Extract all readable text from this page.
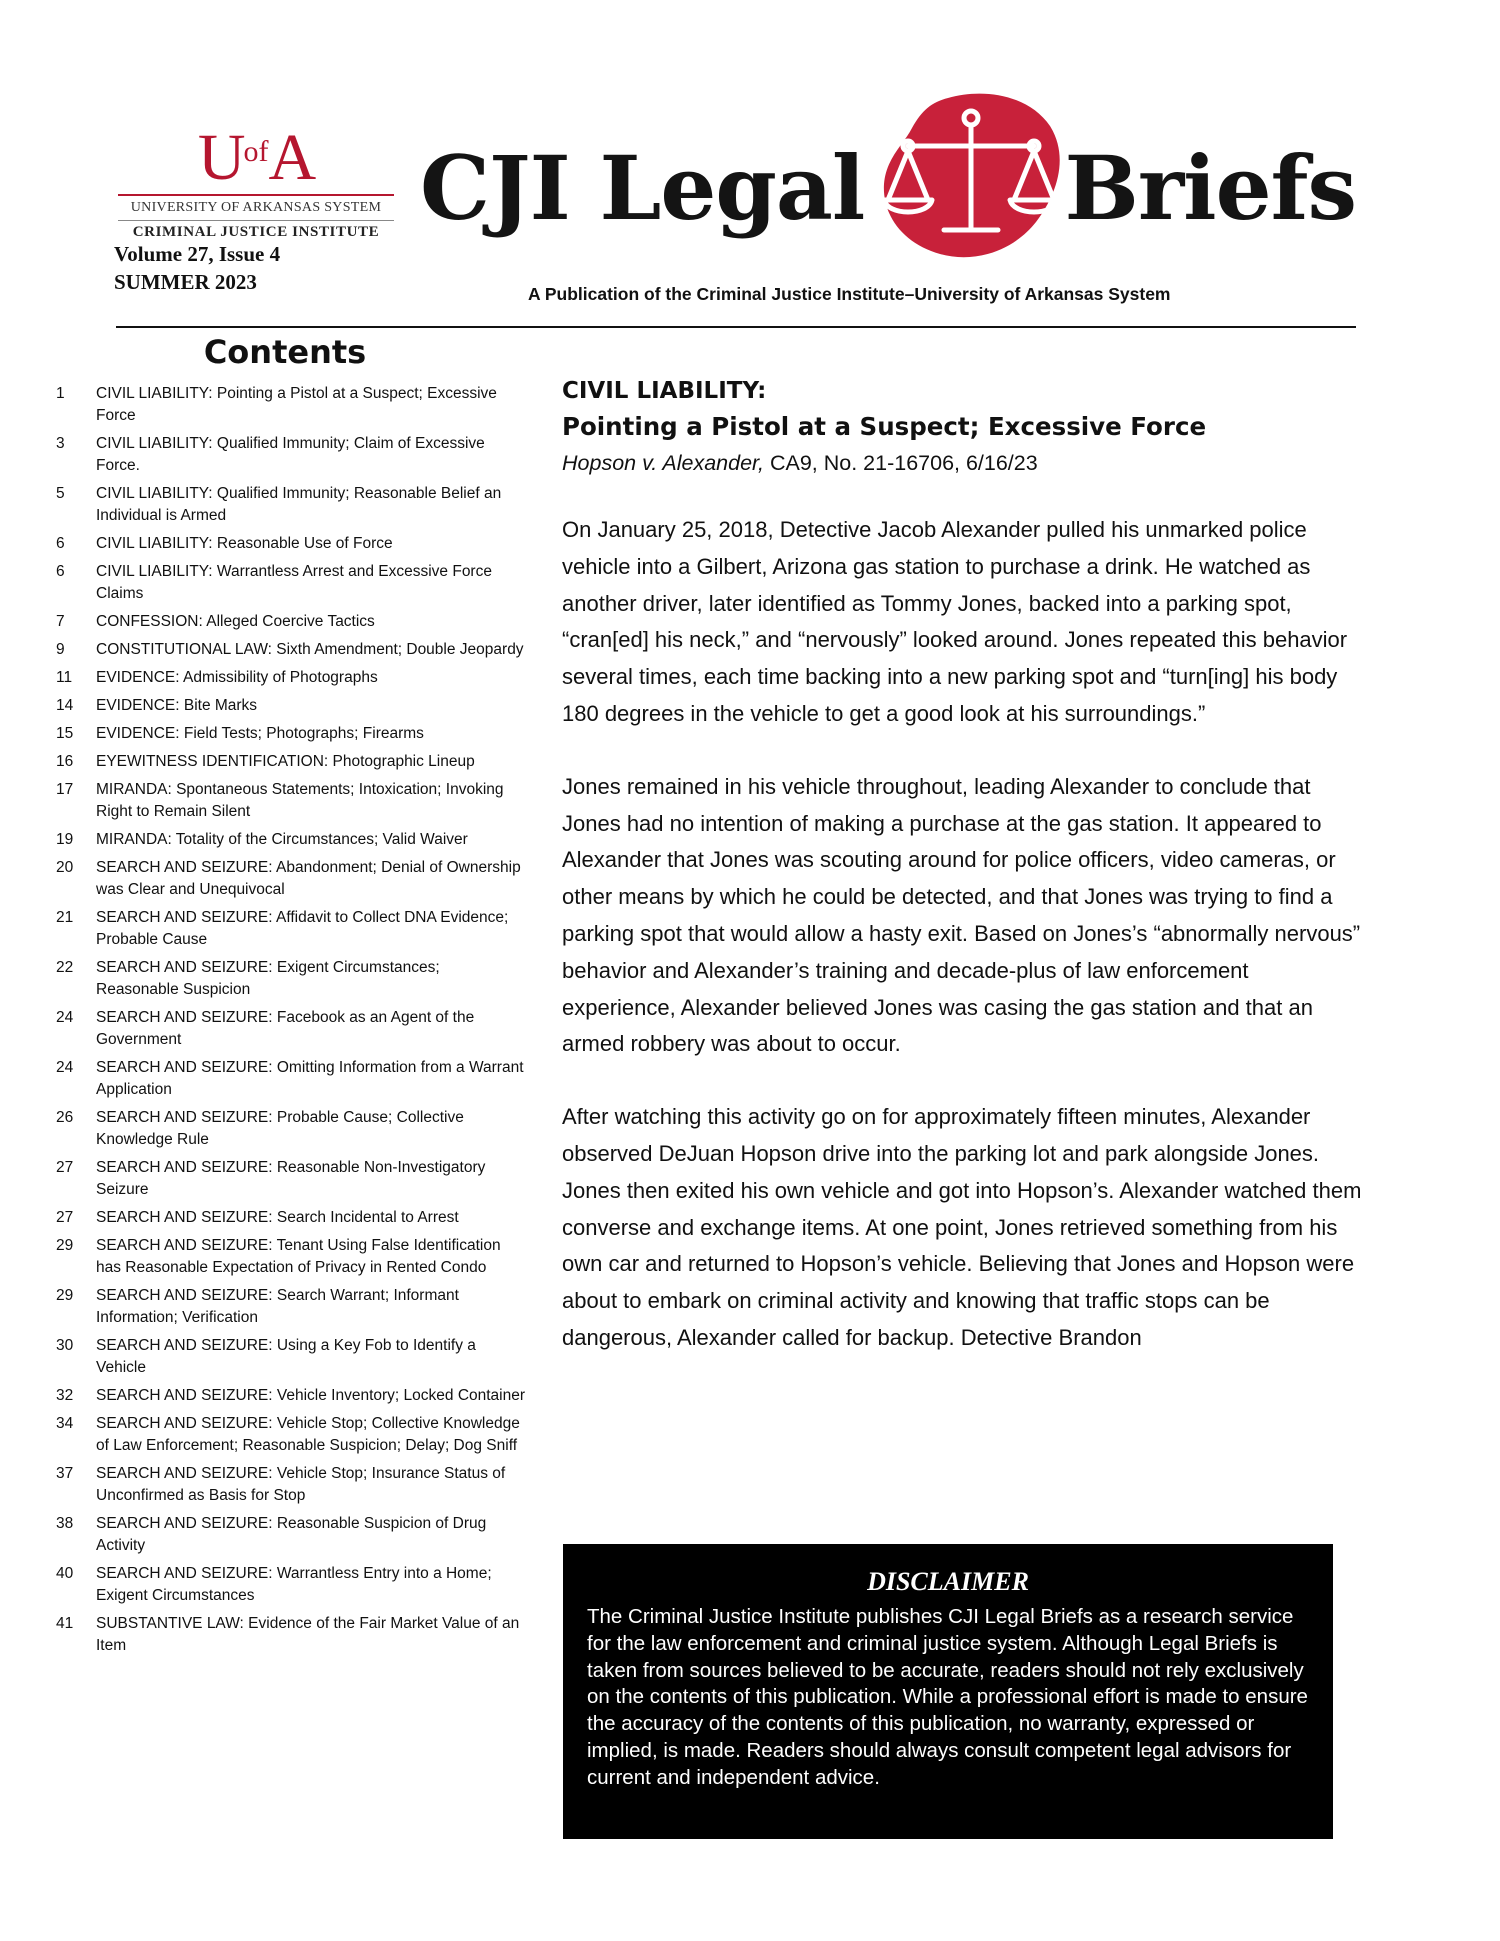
$U^{of}A$
UNIVERSITY OF ARKANSAS SYSTEM
CRIMINAL JUSTICE INSTITUTE
Volume 27, Issue 4
SUMMER 2023
CJI Legal Briefs
A Publication of the Criminal Justice Institute–University of Arkansas System
Contents
1	CIVIL LIABILITY: Pointing a Pistol at a Suspect; Excessive Force
3	CIVIL LIABILITY: Qualified Immunity; Claim of Excessive Force.
5	CIVIL LIABILITY: Qualified Immunity; Reasonable Belief an Individual is Armed
6	CIVIL LIABILITY: Reasonable Use of Force
6	CIVIL LIABILITY: Warrantless Arrest and Excessive Force Claims
7	CONFESSION: Alleged Coercive Tactics
9	CONSTITUTIONAL LAW: Sixth Amendment; Double Jeopardy
11	EVIDENCE: Admissibility of Photographs
14	EVIDENCE: Bite Marks
15	EVIDENCE: Field Tests; Photographs; Firearms
16	EYEWITNESS IDENTIFICATION: Photographic Lineup
17	MIRANDA: Spontaneous Statements; Intoxication; Invoking Right to Remain Silent
19	MIRANDA: Totality of the Circumstances; Valid Waiver
20	SEARCH AND SEIZURE: Abandonment; Denial of Ownership was Clear and Unequivocal
21	SEARCH AND SEIZURE: Affidavit to Collect DNA Evidence; Probable Cause
22	SEARCH AND SEIZURE: Exigent Circumstances; Reasonable Suspicion
24	SEARCH AND SEIZURE: Facebook as an Agent of the Government
24	SEARCH AND SEIZURE: Omitting Information from a Warrant Application
26	SEARCH AND SEIZURE: Probable Cause; Collective Knowledge Rule
27	SEARCH AND SEIZURE: Reasonable Non-Investigatory Seizure
27	SEARCH AND SEIZURE: Search Incidental to Arrest
29	SEARCH AND SEIZURE: Tenant Using False Identification has Reasonable Expectation of Privacy in Rented Condo
29	SEARCH AND SEIZURE: Search Warrant; Informant Information; Verification
30	SEARCH AND SEIZURE: Using a Key Fob to Identify a Vehicle
32	SEARCH AND SEIZURE: Vehicle Inventory; Locked Container
34	SEARCH AND SEIZURE: Vehicle Stop; Collective Knowledge of Law Enforcement; Reasonable Suspicion; Delay; Dog Sniff
37	SEARCH AND SEIZURE: Vehicle Stop; Insurance Status of Unconfirmed as Basis for Stop
38	SEARCH AND SEIZURE: Reasonable Suspicion of Drug Activity
40	SEARCH AND SEIZURE: Warrantless Entry into a Home; Exigent Circumstances
41	SUBSTANTIVE LAW: Evidence of the Fair Market Value of an Item
CIVIL LIABILITY:
Pointing a Pistol at a Suspect; Excessive Force
Hopson v. Alexander, CA9, No. 21-16706, 6/16/23

On January 25, 2018, Detective Jacob Alexander pulled his unmarked police vehicle into a Gilbert, Arizona gas station to purchase a drink. He watched as another driver, later identified as Tommy Jones, backed into a parking spot, “cran[ed] his neck,” and “nervously” looked around. Jones repeated this behavior several times, each time backing into a new parking spot and “turn[ing] his body 180 degrees in the vehicle to get a good look at his surroundings.”

Jones remained in his vehicle throughout, leading Alexander to conclude that Jones had no intention of making a purchase at the gas station. It appeared to Alexander that Jones was scouting around for police officers, video cameras, or other means by which he could be detected, and that Jones was trying to find a parking spot that would allow a hasty exit. Based on Jones’s “abnormally nervous” behavior and Alexander’s training and decade-plus of law enforcement experience, Alexander believed Jones was casing the gas station and that an armed robbery was about to occur.

After watching this activity go on for approximately fifteen minutes, Alexander observed DeJuan Hopson drive into the parking lot and park alongside Jones. Jones then exited his own vehicle and got into Hopson’s. Alexander watched them converse and exchange items. At one point, Jones retrieved something from his own car and returned to Hopson’s vehicle. Believing that Jones and Hopson were about to embark on criminal activity and knowing that traffic stops can be dangerous, Alexander called for backup. Detective Brandon

DISCLAIMER
The Criminal Justice Institute publishes CJI Legal Briefs as a research service for the law enforcement and criminal justice system. Although Legal Briefs is taken from sources believed to be accurate, readers should not rely exclusively on the contents of this publication. While a professional effort is made to ensure the accuracy of the contents of this publication, no warranty, expressed or implied, is made. Readers should always consult competent legal advisors for current and independent advice.
